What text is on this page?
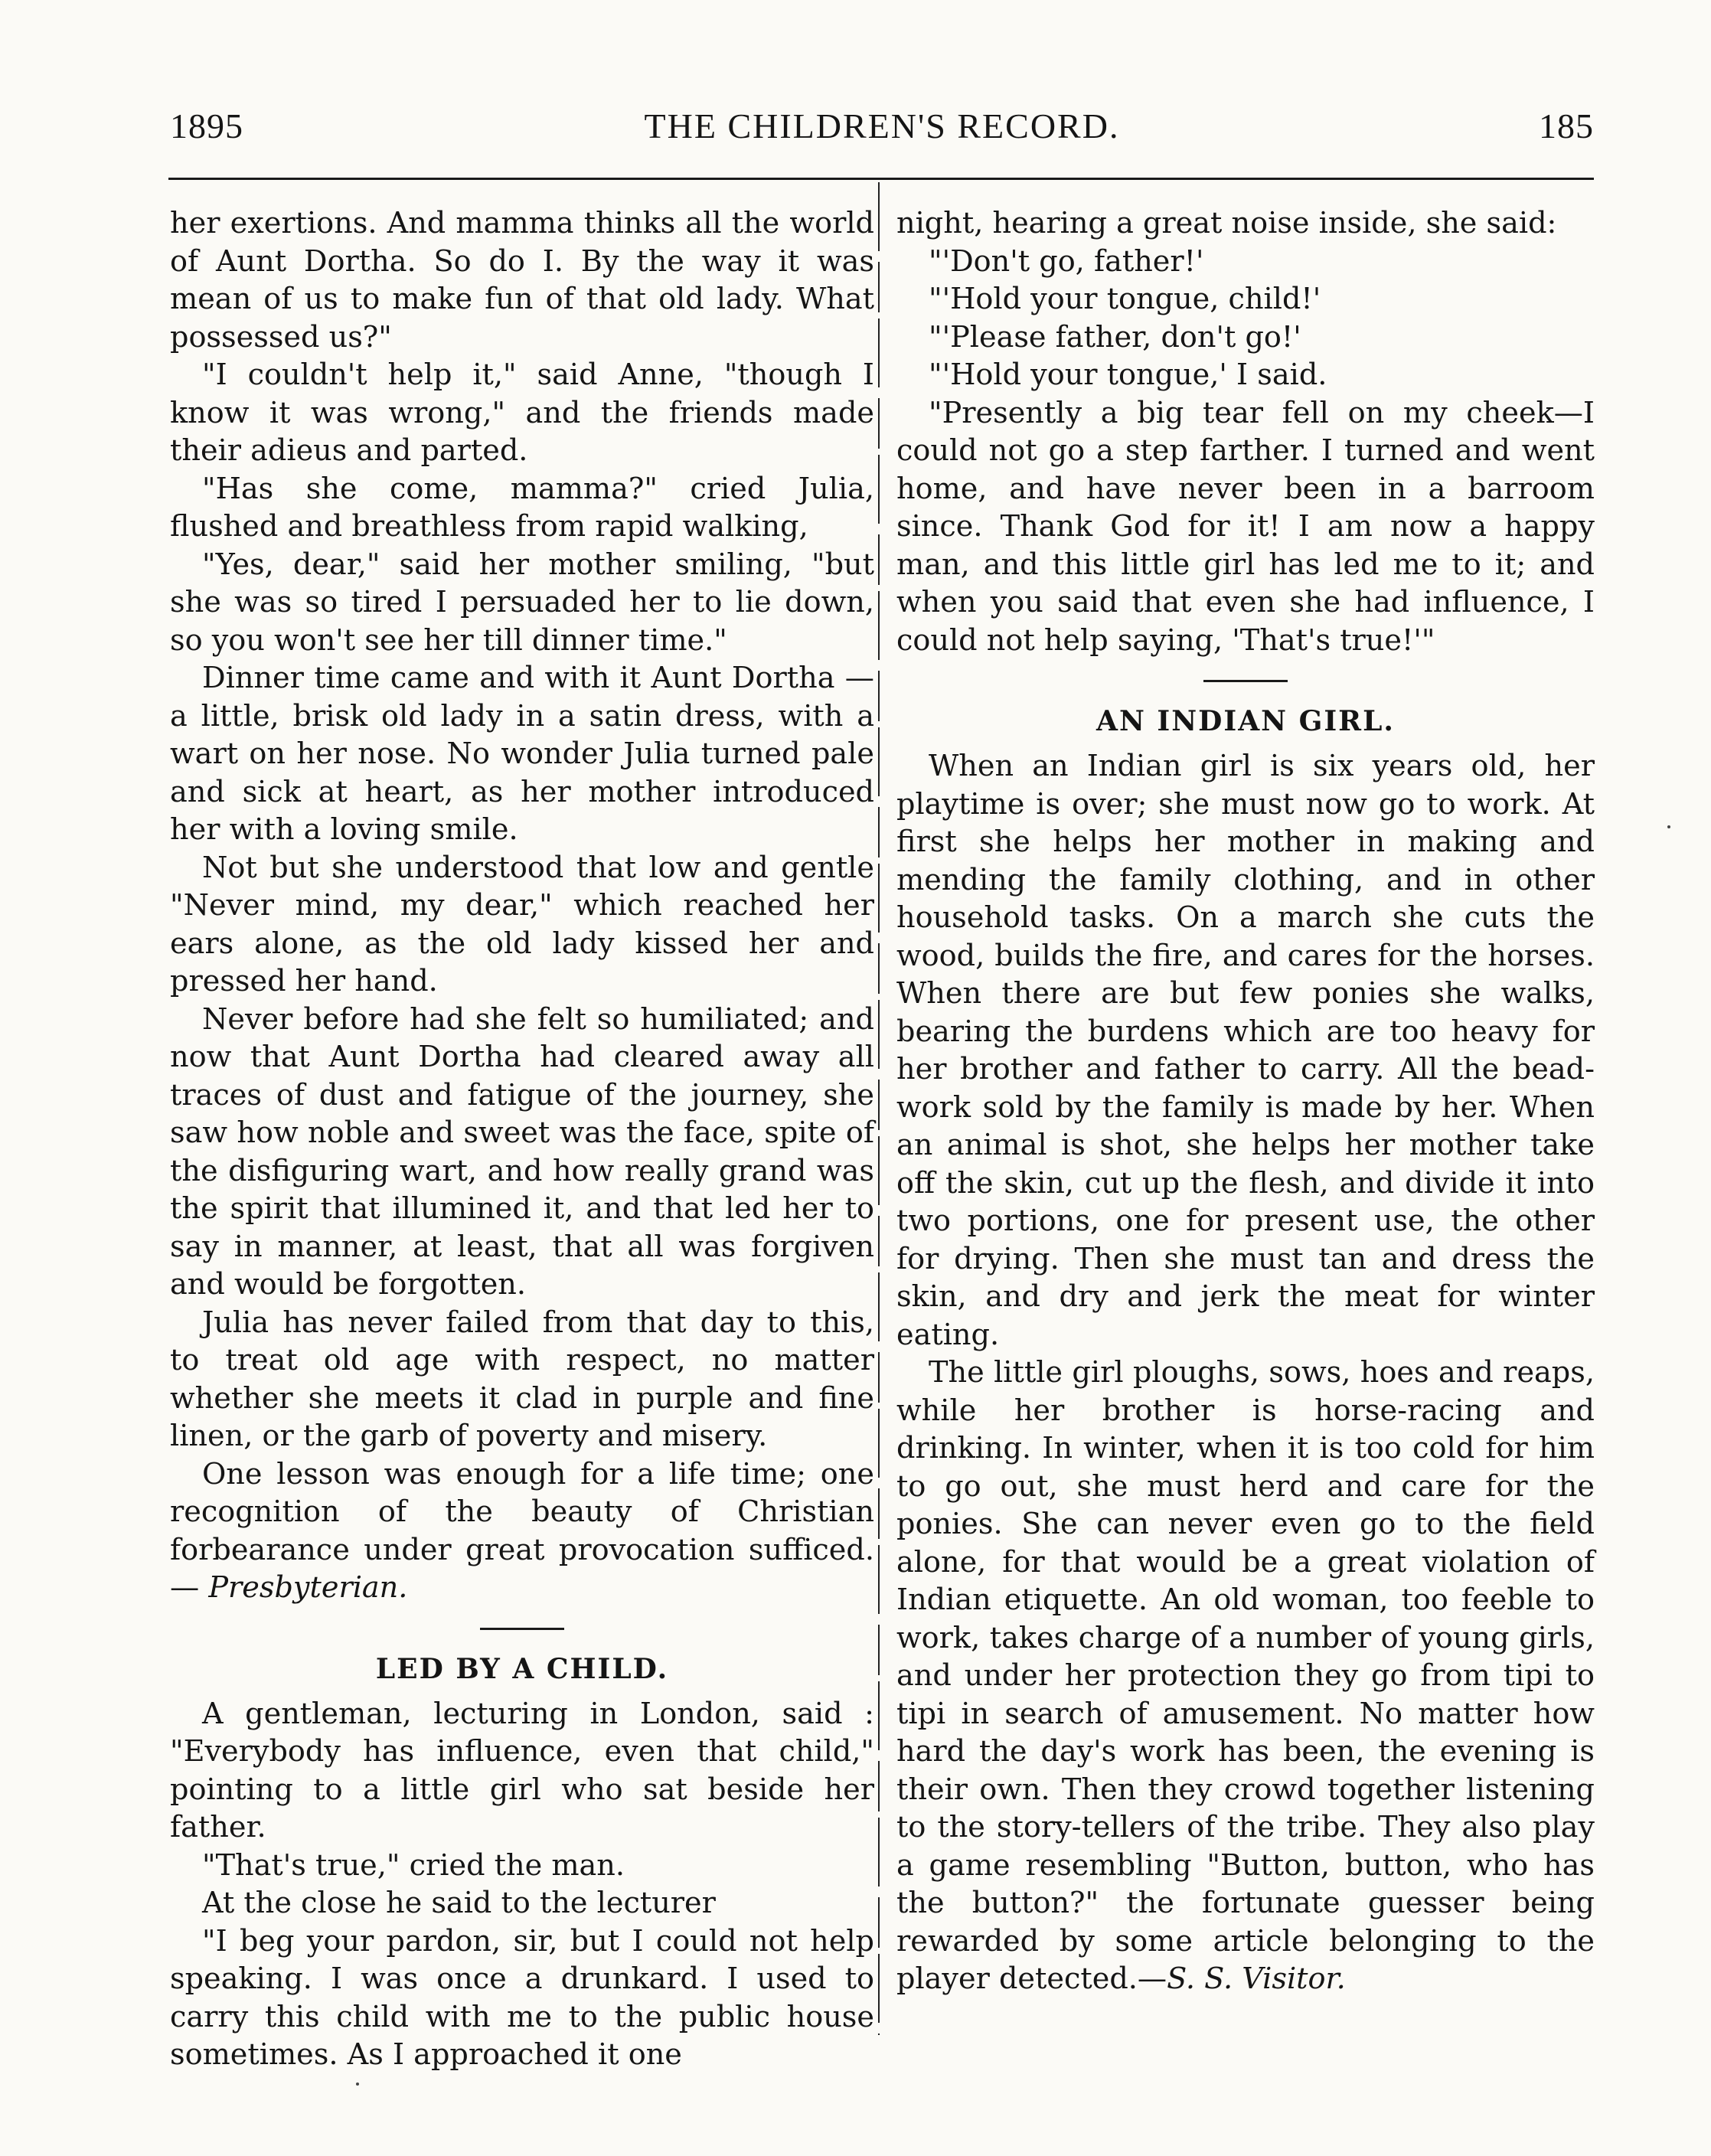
1895	THE CHILDREN'S RECORD.	185

her exertions. And mamma thinks all the world of Aunt Dortha. So do I. By the way it was mean of us to make fun of that old lady. What possessed us?"

"I couldn't help it," said Anne, "though I know it was wrong," and the friends made their adieus and parted.

"Has she come, mamma?" cried Julia, flushed and breathless from rapid walking,

"Yes, dear," said her mother smiling, "but she was so tired I persuaded her to lie down, so you won't see her till dinner time."

Dinner time came and with it Aunt Dortha —a little, brisk old lady in a satin dress, with a wart on her nose. No wonder Julia turned pale and sick at heart, as her mother introduced her with a loving smile.

Not but she understood that low and gentle "Never mind, my dear," which reached her ears alone, as the old lady kissed her and pressed her hand.

Never before had she felt so humiliated; and now that Aunt Dortha had cleared away all traces of dust and fatigue of the journey, she saw how noble and sweet was the face, spite of the disfiguring wart, and how really grand was the spirit that illumined it, and that led her to say in manner, at least, that all was forgiven and would be forgotten.

Julia has never failed from that day to this, to treat old age with respect, no matter whether she meets it clad in purple and fine linen, or the garb of poverty and misery.

One lesson was enough for a life time; one recognition of the beauty of Christian forbearance under great provocation sufficed.— Presbyterian.

LED BY A CHILD.

A gentleman, lecturing in London, said : "Everybody has influence, even that child," pointing to a little girl who sat beside her father.

"That's true," cried the man.

At the close he said to the lecturer

"I beg your pardon, sir, but I could not help speaking. I was once a drunkard. I used to carry this child with me to the public house sometimes. As I approached it one

night, hearing a great noise inside, she said:

"'Don't go, father!'

"'Hold your tongue, child!'

"'Please father, don't go!'

"'Hold your tongue,' I said.

"Presently a big tear fell on my cheek—I could not go a step farther. I turned and went home, and have never been in a barroom since. Thank God for it! I am now a happy man, and this little girl has led me to it; and when you said that even she had influence, I could not help saying, 'That's true!'"

AN INDIAN GIRL.

When an Indian girl is six years old, her playtime is over; she must now go to work. At first she helps her mother in making and mending the family clothing, and in other household tasks. On a march she cuts the wood, builds the fire, and cares for the horses. When there are but few ponies she walks, bearing the burdens which are too heavy for her brother and father to carry. All the bead-work sold by the family is made by her. When an animal is shot, she helps her mother take off the skin, cut up the flesh, and divide it into two portions, one for present use, the other for drying. Then she must tan and dress the skin, and dry and jerk the meat for winter eating.

The little girl ploughs, sows, hoes and reaps, while her brother is horse-racing and drinking. In winter, when it is too cold for him to go out, she must herd and care for the ponies. She can never even go to the field alone, for that would be a great violation of Indian etiquette. An old woman, too feeble to work, takes charge of a number of young girls, and under her protection they go from tipi to tipi in search of amusement. No matter how hard the day's work has been, the evening is their own. Then they crowd together listening to the story-tellers of the tribe. They also play a game resembling "Button, button, who has the button?" the fortunate guesser being rewarded by some article belonging to the player detected.—S. S. Visitor.
